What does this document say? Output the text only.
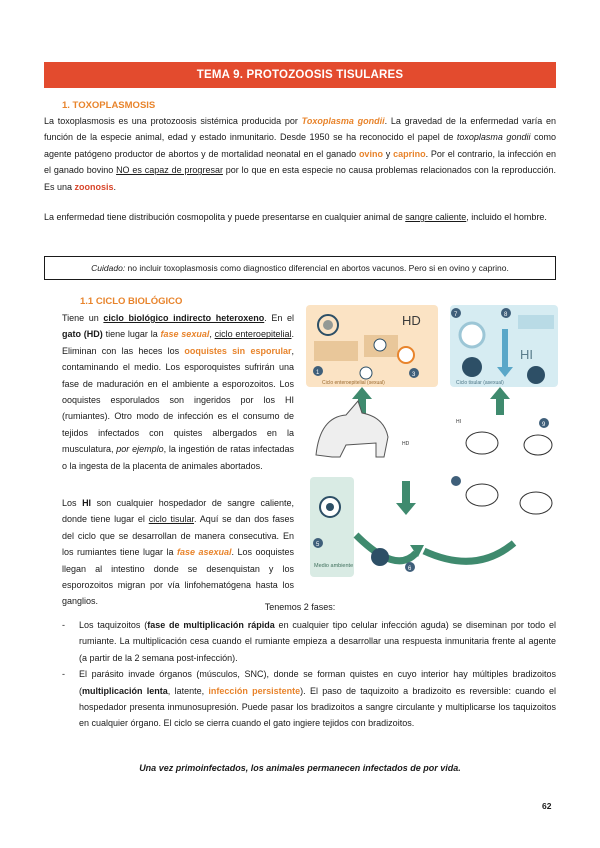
TEMA 9. PROTOZOOSIS TISULARES
1. TOXOPLASMOSIS

La toxoplasmosis es una protozoosis sistémica producida por Toxoplasma gondii. La gravedad de la enfermedad varía en función de la especie animal, edad y estado inmunitario. Desde 1950 se ha reconocido el papel de toxoplasma gondii como agente patógeno productor de abortos y de mortalidad neonatal en el ganado ovino y caprino. Por el contrario, la infección en el ganado bovino NO es capaz de progresar por lo que en esta especie no causa problemas relacionados con la reproducción. Es una zoonosis.

La enfermedad tiene distribución cosmopolita y puede presentarse en cualquier animal de sangre caliente, incluido el hombre.

Cuidado: no incluir toxoplasmosis como diagnostico diferencial en abortos vacunos. Pero si en ovino y caprino.
1.1 CICLO BIOLÓGICO

Tiene un ciclo biológico indirecto heteroxeno. En el gato (HD) tiene lugar la fase sexual, ciclo enteroepitelial. Eliminan con las heces los ooquistes sin esporular, contaminando el medio. Los esporoquistes sufrirán una fase de maduración en el ambiente a esporozoitos. Los ooquistes esporulados son ingeridos por los HI (rumiantes). Otro modo de infección es el consumo de tejidos infectados con quistes albergados en la musculatura, por ejemplo, la ingestión de ratas infectadas o la ingesta de la placenta de animales abortados.

Los HI son cualquier hospedador de sangre caliente, donde tiene lugar el ciclo tisular. Aquí se dan dos fases del ciclo que se desarrollan de manera consecutiva. En los rumiantes tiene lugar la fase asexual. Los ooquistes llegan al intestino donde se desenquistan y los esporozoitos migran por vía linfohematógena hasta los ganglios.

HD
1	3
Ciclo enteroepitelial (sexual)
7	8
HI
Ciclo tisular (asexual)
HD
HI	9
5
Medio ambiente	6
Tenemos 2 fases:
- Los taquizoitos (fase de multiplicación rápida en cualquier tipo celular infección aguda) se diseminan por todo el rumiante. La multiplicación cesa cuando el rumiante empieza a desarrollar una respuesta inmunitaria frente al agente (a partir de la 2 semana post-infección).
- El parásito invade órganos (músculos, SNC), donde se forman quistes en cuyo interior hay múltiples bradizoitos (multiplicación lenta, latente, infección persistente). El paso de taquizoito a bradizoito es reversible: cuando el hospedador presenta inmunosupresión. Puede pasar los bradizoitos a sangre circulante y multiplicarse los taquizoitos en cualquier órgano. El ciclo se cierra cuando el gato ingiere tejidos con bradizoitos.
Una vez primoinfectados, los animales permanecen infectados de por vida.
62
